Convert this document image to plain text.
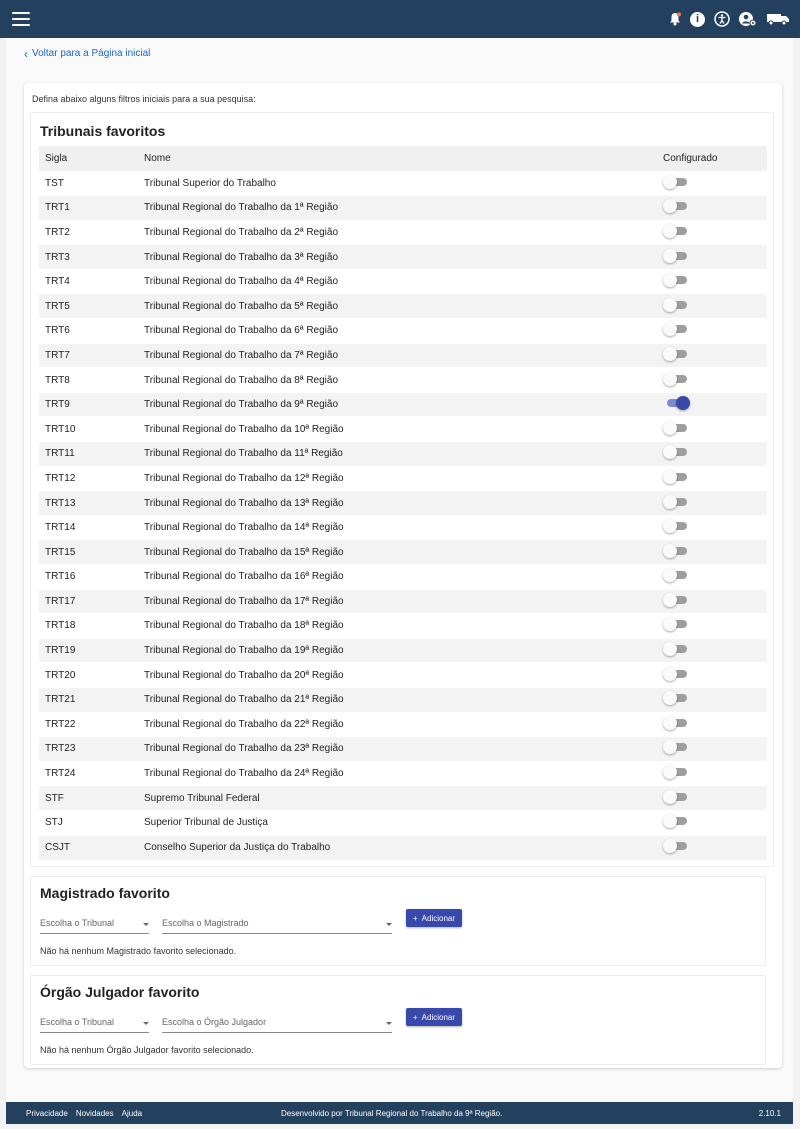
i
‹ Voltar para a Página inicial
Defina abaixo alguns filtros iniciais para a sua pesquisa:
Tribunais favoritos
Sigla	Nome	Configurado
TST	Tribunal Superior do Trabalho	

TRT1	Tribunal Regional do Trabalho da 1ª Região	

TRT2	Tribunal Regional do Trabalho da 2ª Região	

TRT3	Tribunal Regional do Trabalho da 3ª Região	

TRT4	Tribunal Regional do Trabalho da 4ª Região	

TRT5	Tribunal Regional do Trabalho da 5ª Região	

TRT6	Tribunal Regional do Trabalho da 6ª Região	

TRT7	Tribunal Regional do Trabalho da 7ª Região	

TRT8	Tribunal Regional do Trabalho da 8ª Região	

TRT9	Tribunal Regional do Trabalho da 9ª Região	

TRT10	Tribunal Regional do Trabalho da 10ª Região	

TRT11	Tribunal Regional do Trabalho da 11ª Região	

TRT12	Tribunal Regional do Trabalho da 12ª Região	

TRT13	Tribunal Regional do Trabalho da 13ª Região	

TRT14	Tribunal Regional do Trabalho da 14ª Região	

TRT15	Tribunal Regional do Trabalho da 15ª Região	

TRT16	Tribunal Regional do Trabalho da 16ª Região	

TRT17	Tribunal Regional do Trabalho da 17ª Região	

TRT18	Tribunal Regional do Trabalho da 18ª Região	

TRT19	Tribunal Regional do Trabalho da 19ª Região	

TRT20	Tribunal Regional do Trabalho da 20ª Região	

TRT21	Tribunal Regional do Trabalho da 21ª Região	

TRT22	Tribunal Regional do Trabalho da 22ª Região	

TRT23	Tribunal Regional do Trabalho da 23ª Região	

TRT24	Tribunal Regional do Trabalho da 24ª Região	

STF	Supremo Tribunal Federal	

STJ	Superior Tribunal de Justiça	

CSJT	Conselho Superior da Justiça do Trabalho	
Magistrado favorito
Escolha o Tribunal	Escolha o Magistrado	+ Adicionar
Não há nenhum Magistrado favorito selecionado.
Órgão Julgador favorito
Escolha o Tribunal	Escolha o Órgão Julgador	+ Adicionar
Não há nenhum Órgão Julgador favorito selecionado.
Privacidade Novidades Ajuda	Desenvolvido por Tribunal Regional do Trabalho da 9ª Região.	2.10.1
